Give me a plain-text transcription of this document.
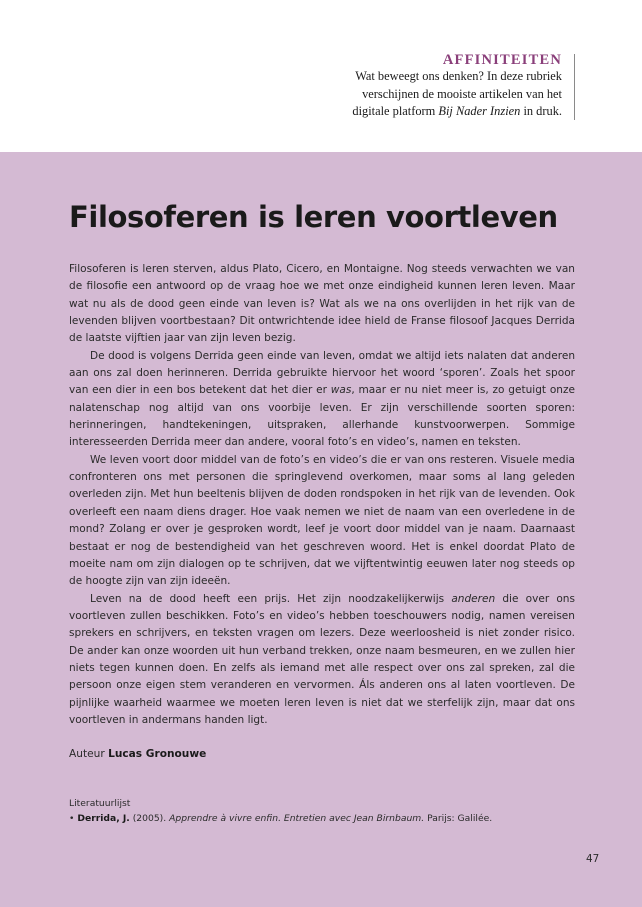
AFFINITEITEN
Wat beweegt ons denken? In deze rubriek
verschijnen de mooiste artikelen van het
digitale platform Bij Nader Inzien in druk.
Filosoferen is leren voortleven

Filosoferen is leren sterven, aldus Plato, Cicero, en Montaigne. Nog steeds verwachten we van de filosofie een antwoord op de vraag hoe we met onze eindigheid kunnen leren leven. Maar wat nu als de dood geen einde van leven is? Wat als we na ons overlijden in het rijk van de levenden blijven voortbestaan? Dit ontwrichtende idee hield de Franse filosoof Jacques Derrida de laatste vijftien jaar van zijn leven bezig.

De dood is volgens Derrida geen einde van leven, omdat we altijd iets nalaten dat anderen aan ons zal doen herinneren. Derrida gebruikte hiervoor het woord ‘sporen’. Zoals het spoor van een dier in een bos betekent dat het dier er was, maar er nu niet meer is, zo getuigt onze nalatenschap nog altijd van ons voorbije leven. Er zijn verschillende soorten sporen: herinneringen, handtekeningen, uitspraken, allerhande kunstvoorwerpen. Sommige interesseerden Derrida meer dan andere, vooral foto’s en video’s, namen en teksten.

We leven voort door middel van de foto’s en video’s die er van ons resteren. Visuele media confronteren ons met personen die springlevend overkomen, maar soms al lang geleden overleden zijn. Met hun beeltenis blijven de doden rondspoken in het rijk van de levenden. Ook overleeft een naam diens drager. Hoe vaak nemen we niet de naam van een overledene in de mond? Zolang er over je gesproken wordt, leef je voort door middel van je naam. Daarnaast bestaat er nog de bestendigheid van het geschreven woord. Het is enkel doordat Plato de moeite nam om zijn dialogen op te schrijven, dat we vijftentwintig eeuwen later nog steeds op de hoogte zijn van zijn ideeën.

Leven na de dood heeft een prijs. Het zijn noodzakelijkerwijs anderen die over ons voortleven zullen beschikken. Foto’s en video’s hebben toeschouwers nodig, namen vereisen sprekers en schrijvers, en teksten vragen om lezers. Deze weerloosheid is niet zonder risico. De ander kan onze woorden uit hun verband trekken, onze naam besmeuren, en we zullen hier niets tegen kunnen doen. En zelfs als iemand met alle respect over ons zal spreken, zal die persoon onze eigen stem veranderen en vervormen. Áls anderen ons al laten voortleven. De pijnlijke waarheid waarmee we moeten leren leven is niet dat we sterfelijk zijn, maar dat ons voortleven in andermans handen ligt.

Auteur Lucas Gronouwe
Literatuurlijst
• Derrida, J. (2005). Apprendre à vivre enfin. Entretien avec Jean Birnbaum. Parijs: Galilée.
47
